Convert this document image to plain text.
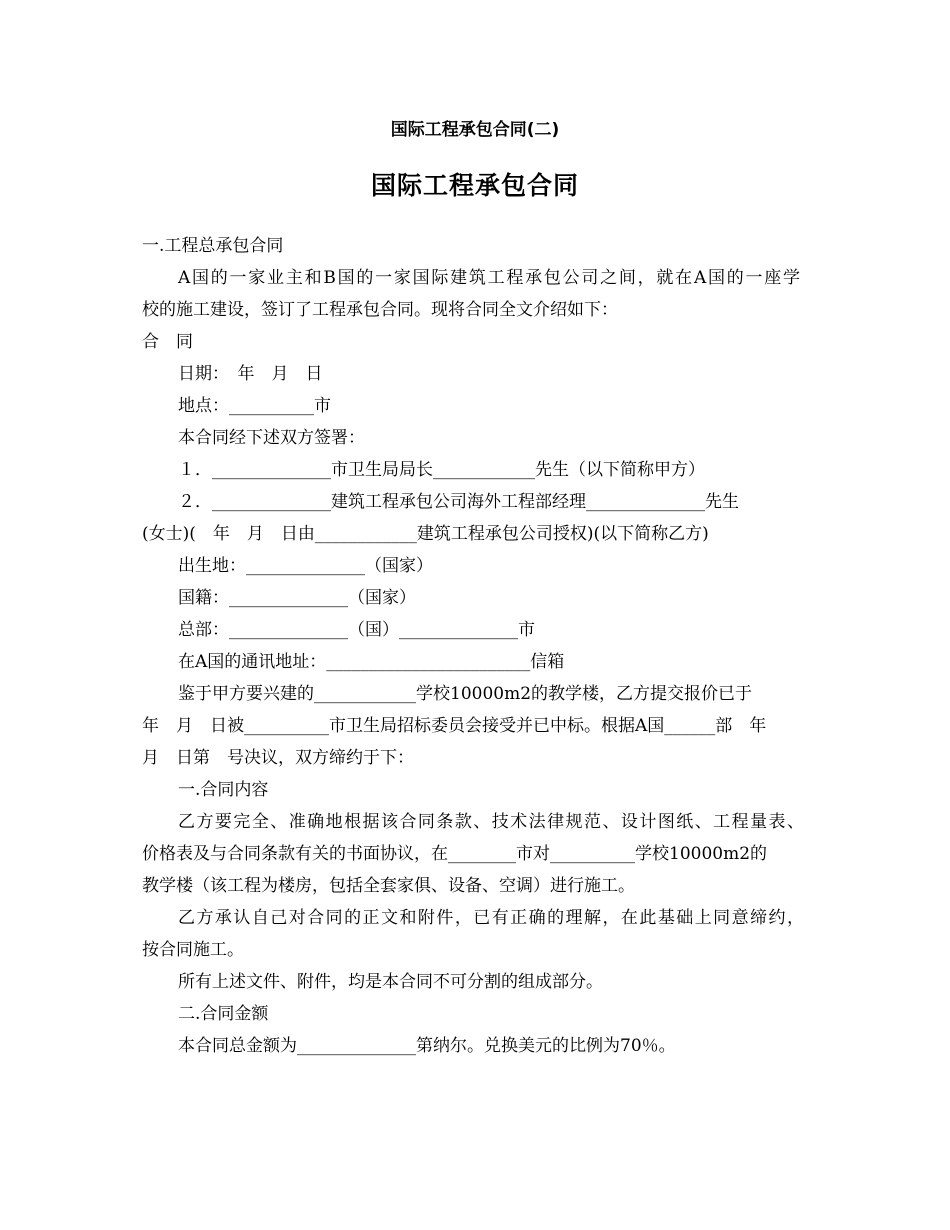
国际工程承包合同(二)
国际工程承包合同
一.工程总承包合同
A国的一家业主和B国的一家国际建筑工程承包公司之间，就在A国的一座学
校的施工建设，签订了工程承包合同。现将合同全文介绍如下：
合　同
日期：　年　月　日
地点：__________市
本合同经下述双方签署：
１．______________市卫生局局长____________先生（以下简称甲方）
２．______________建筑工程承包公司海外工程部经理______________先生
(女士)(　年　月　日由____________建筑工程承包公司授权)(以下简称乙方)
出生地：______________（国家）
国籍：______________（国家）
总部：______________（国）______________市
在A国的通讯地址：________________________信箱
鉴于甲方要兴建的____________学校10000m2的教学楼，乙方提交报价已于
年　月　日被__________市卫生局招标委员会接受并已中标。根据A国______部　年
月　日第　号决议，双方缔约于下：
一.合同内容
乙方要完全、准确地根据该合同条款、技术法律规范、设计图纸、工程量表、
价格表及与合同条款有关的书面协议，在________市对__________学校10000m2的
教学楼（该工程为楼房，包括全套家俱、设备、空调）进行施工。
乙方承认自己对合同的正文和附件，已有正确的理解，在此基础上同意缔约，
按合同施工。
所有上述文件、附件，均是本合同不可分割的组成部分。
二.合同金额
本合同总金额为______________第纳尔。兑换美元的比例为70％。
